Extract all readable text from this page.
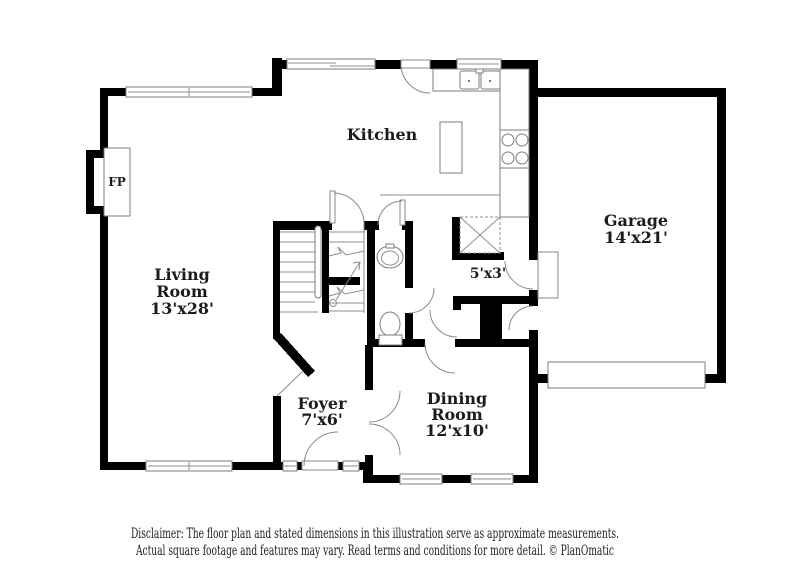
FP
Kitchen
Garage
14'x21'
Living
Room
13'x28'
5'x3'
Foyer
7'x6'
Dining
Room
12'x10'
Disclaimer: The floor plan and stated dimensions in this illustration serve as approximate measurements.
Actual square footage and features may vary. Read terms and conditions for more detail. © PlanOmatic
